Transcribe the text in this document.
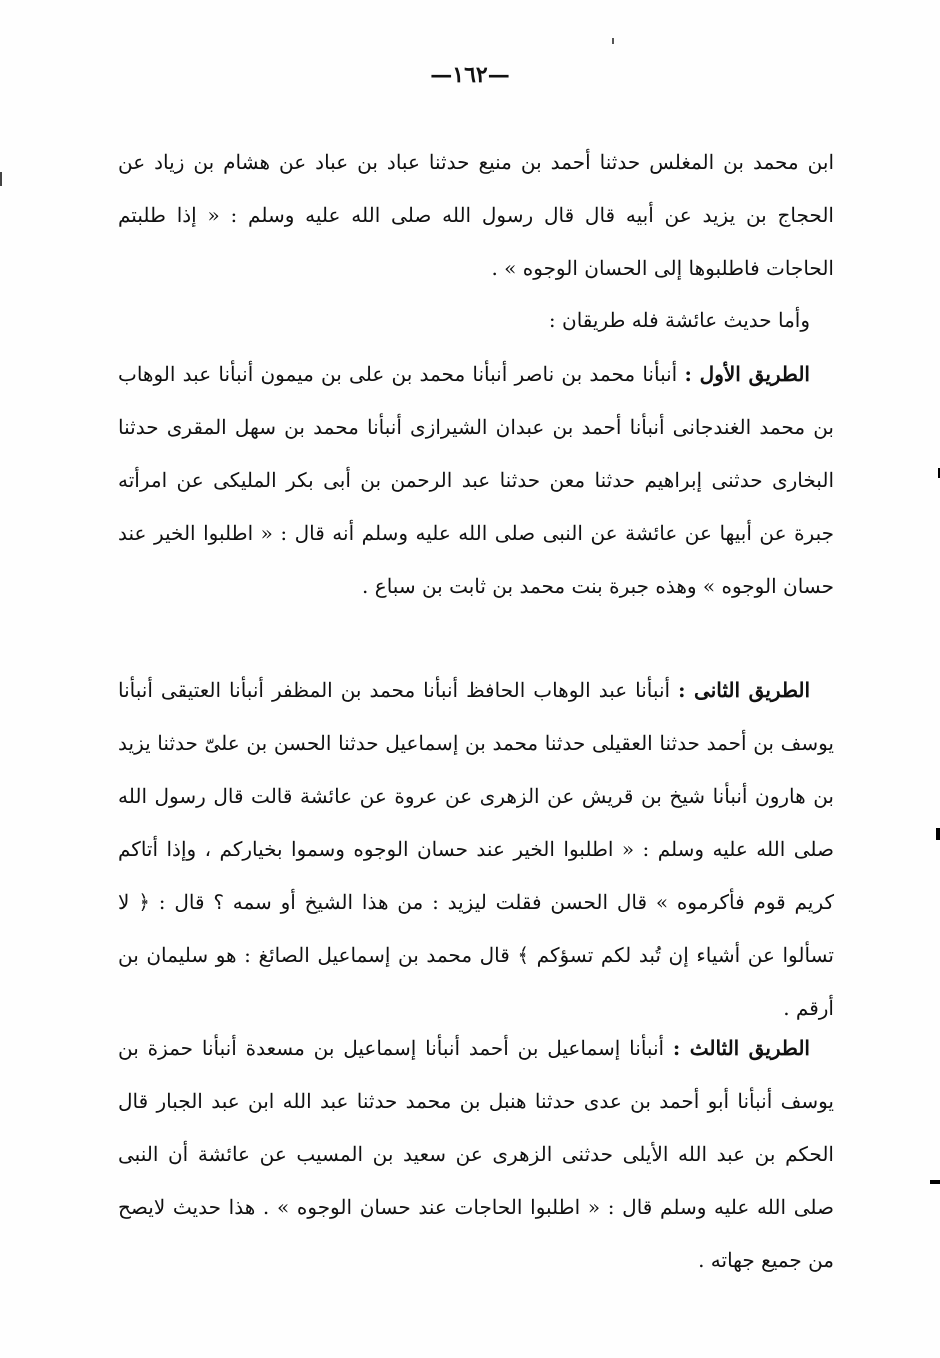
—١٦٢—

ابن محمد بن المغلس حدثنا أحمد بن منيع حدثنا عباد بن عباد عن هشام بن زياد عن الحجاج بن يزيد عن أبيه قال قال رسول الله صلى الله عليه وسلم : « إذا طلبتم الحاجات فاطلبوها إلى الحسان الوجوه » .

وأما حديث عائشة فله طريقان :

الطريق الأول : أنبأنا محمد بن ناصر أنبأنا محمد بن على بن ميمون أنبأنا عبد الوهاب بن محمد الغندجانى أنبأنا أحمد بن عبدان الشيرازى أنبأنا محمد بن سهل المقرى حدثنا البخارى حدثنى إبراهيم حدثنا معن حدثنا عبد الرحمن بن أبى بكر المليكى عن امرأته جبرة عن أبيها عن عائشة عن النبى صلى الله عليه وسلم أنه قال : « اطلبوا الخير عند حسان الوجوه » وهذه جبرة بنت محمد بن ثابت بن سباع .

الطريق الثانى : أنبأنا عبد الوهاب الحافظ أنبأنا محمد بن المظفر أنبأنا العتيقى أنبأنا يوسف بن أحمد حدثنا العقيلى حدثنا محمد بن إسماعيل حدثنا الحسن بن علىّ حدثنا يزيد بن هارون أنبأنا شيخ بن قريش عن الزهرى عن عروة عن عائشة قالت قال رسول الله صلى الله عليه وسلم : « اطلبوا الخير عند حسان الوجوه وسموا بخياركم ، وإذا أتاكم كريم قوم فأكرموه » قال الحسن فقلت ليزيد : من هذا الشيخ أو سمه ؟ قال : ﴿ لا تسألوا عن أشياء إن تُبد لكم تسؤكم ﴾ قال محمد بن إسماعيل الصائغ : هو سليمان بن أرقم .

الطريق الثالث : أنبأنا إسماعيل بن أحمد أنبأنا إسماعيل بن مسعدة أنبأنا حمزة بن يوسف أنبأنا أبو أحمد بن عدى حدثنا هنبل بن محمد حدثنا عبد الله ابن عبد الجبار قال الحكم بن عبد الله الأيلى حدثنى الزهرى عن سعيد بن المسيب عن عائشة أن النبى صلى الله عليه وسلم قال : « اطلبوا الحاجات عند حسان الوجوه » . هذا حديث لايصح من جميع جهاته .
